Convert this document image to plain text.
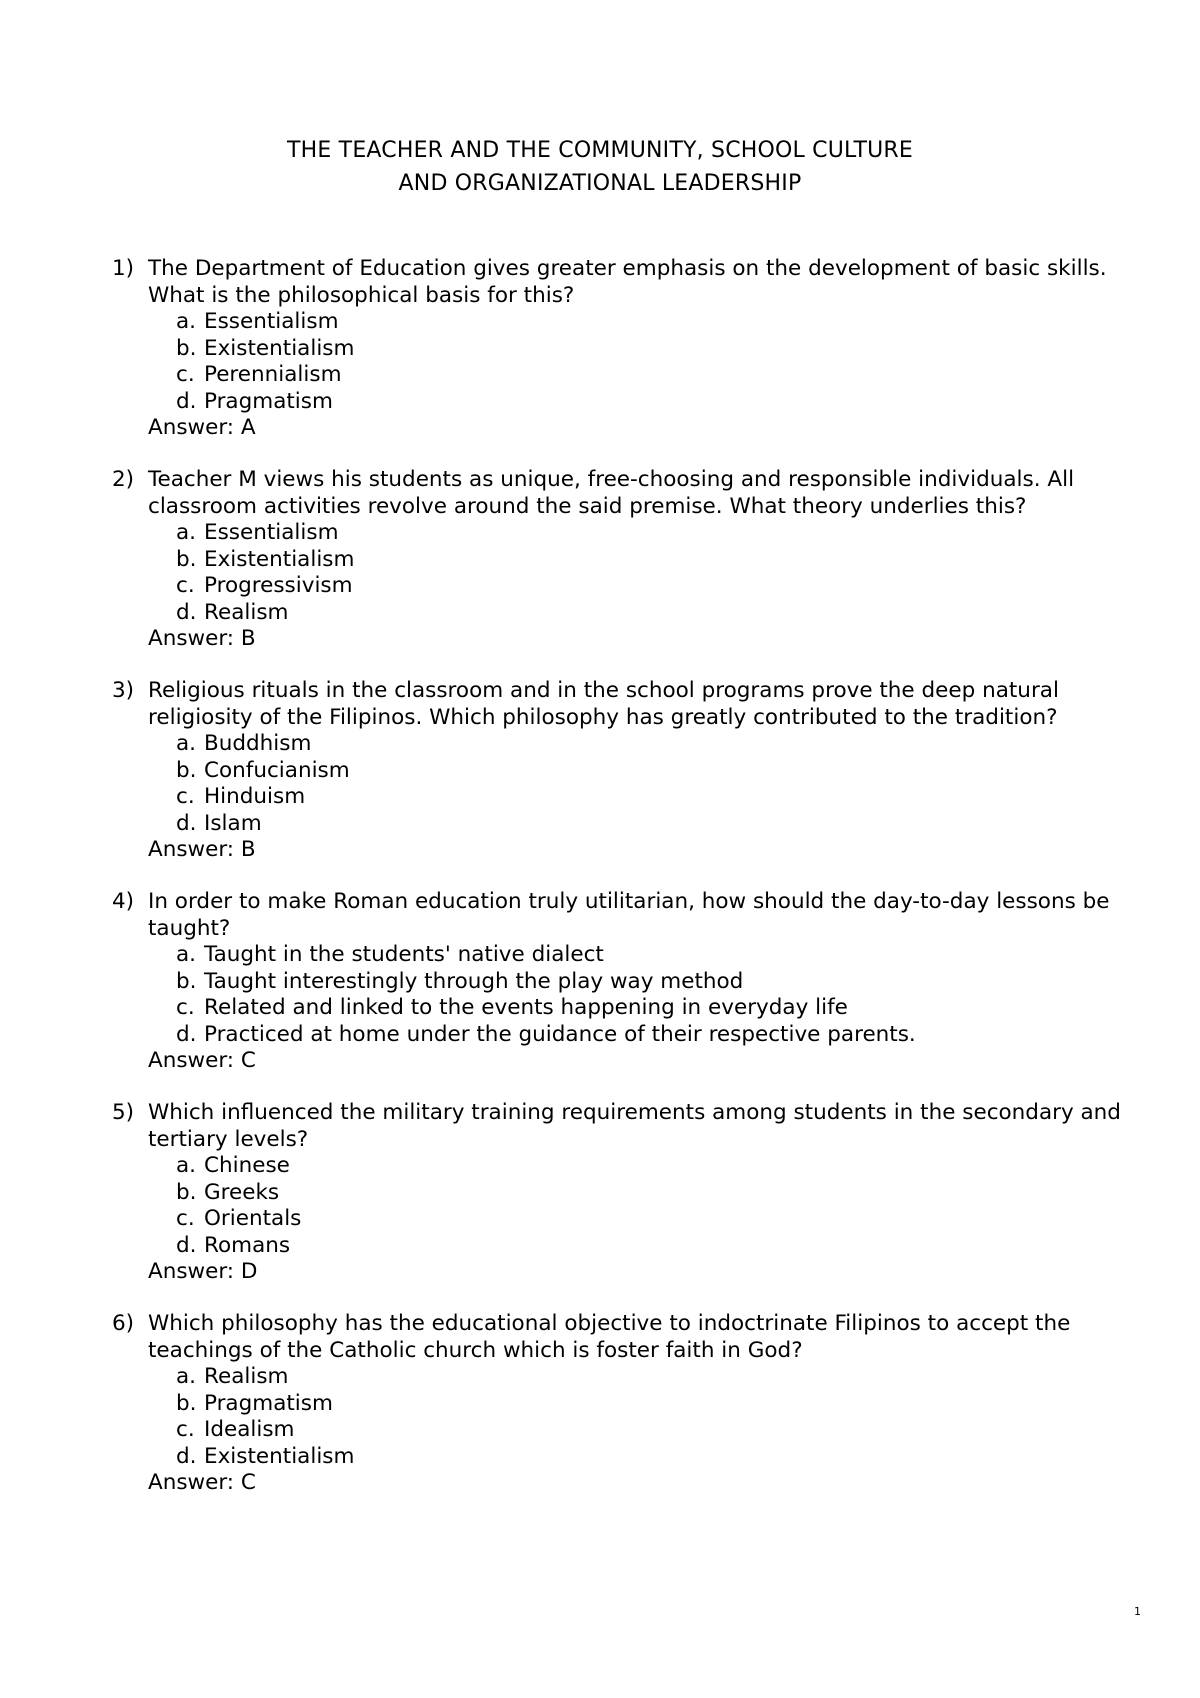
THE TEACHER AND THE COMMUNITY, SCHOOL CULTURE
AND ORGANIZATIONAL LEADERSHIP
1) The Department of Education gives greater emphasis on the development of basic skills. What is the philosophical basis for this?
a. Essentialism
b. Existentialism
c. Perennialism
d. Pragmatism
Answer: A
2) Teacher M views his students as unique, free-choosing and responsible individuals. All classroom activities revolve around the said premise. What theory underlies this?
a. Essentialism
b. Existentialism
c. Progressivism
d. Realism
Answer: B
3) Religious rituals in the classroom and in the school programs prove the deep natural religiosity of the Filipinos. Which philosophy has greatly contributed to the tradition?
a. Buddhism
b. Confucianism
c. Hinduism
d. Islam
Answer: B
4) In order to make Roman education truly utilitarian, how should the day-to-day lessons be taught?
a. Taught in the students' native dialect
b. Taught interestingly through the play way method
c. Related and linked to the events happening in everyday life
d. Practiced at home under the guidance of their respective parents.
Answer: C
5) Which influenced the military training requirements among students in the secondary and tertiary levels?
a. Chinese
b. Greeks
c. Orientals
d. Romans
Answer: D
6) Which philosophy has the educational objective to indoctrinate Filipinos to accept the teachings of the Catholic church which is foster faith in God?
a. Realism
b. Pragmatism
c. Idealism
d. Existentialism
Answer: C
1
